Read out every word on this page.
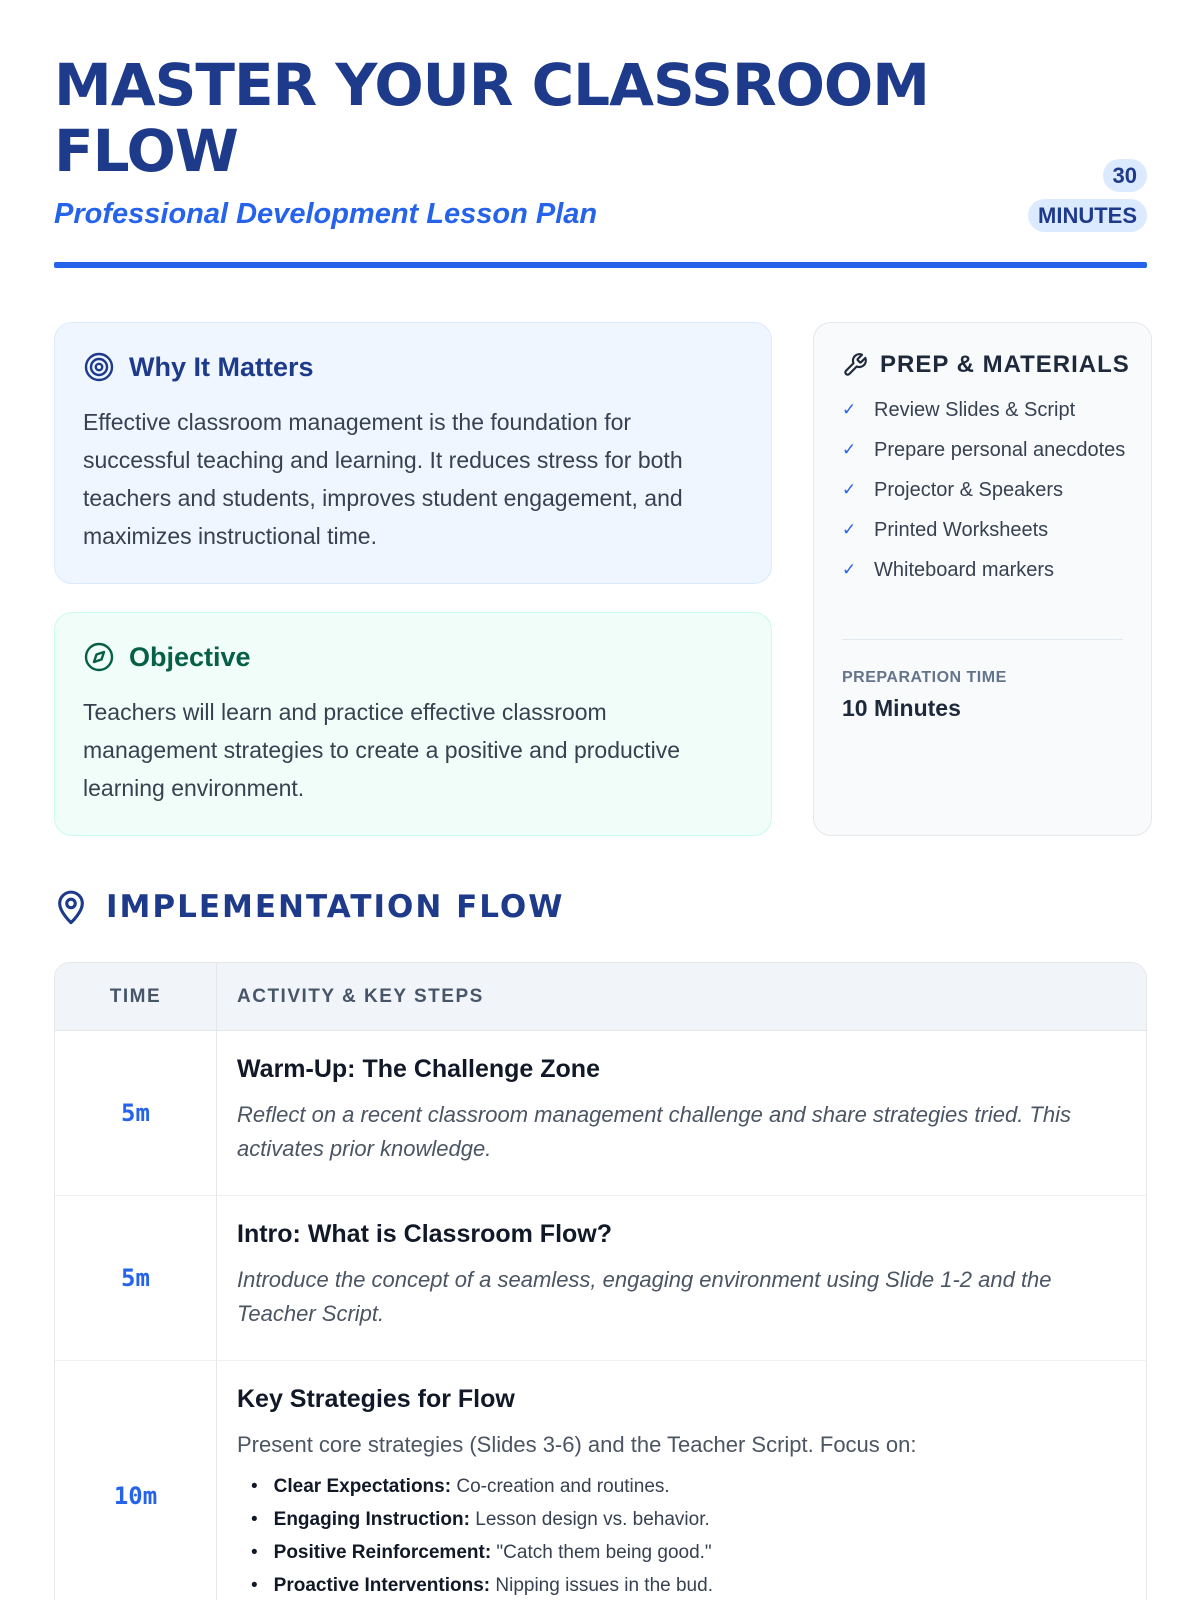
MASTER YOUR CLASSROOM FLOW
Professional Development Lesson Plan
30
MINUTES
Why It Matters

Effective classroom management is the foundation for successful teaching and learning. It reduces stress for both teachers and students, improves student engagement, and maximizes instructional time.

Objective

Teachers will learn and practice effective classroom management strategies to create a positive and productive learning environment.

PREP & MATERIALS
✓ Review Slides & Script
✓ Prepare personal anecdotes
✓ Projector & Speakers
✓ Printed Worksheets
✓ Whiteboard markers
PREPARATION TIME
10 Minutes
IMPLEMENTATION FLOW
TIME	ACTIVITY & KEY STEPS
5m
Warm-Up: The Challenge Zone
Reflect on a recent classroom management challenge and share strategies tried. This activates prior knowledge.
5m
Intro: What is Classroom Flow?
Introduce the concept of a seamless, engaging environment using Slide 1-2 and the Teacher Script.
10m
Key Strategies for Flow
Present core strategies (Slides 3-6) and the Teacher Script. Focus on:
• Clear Expectations: Co-creation and routines.
• Engaging Instruction: Lesson design vs. behavior.
• Positive Reinforcement: "Catch them being good."
• Proactive Interventions: Nipping issues in the bud.
